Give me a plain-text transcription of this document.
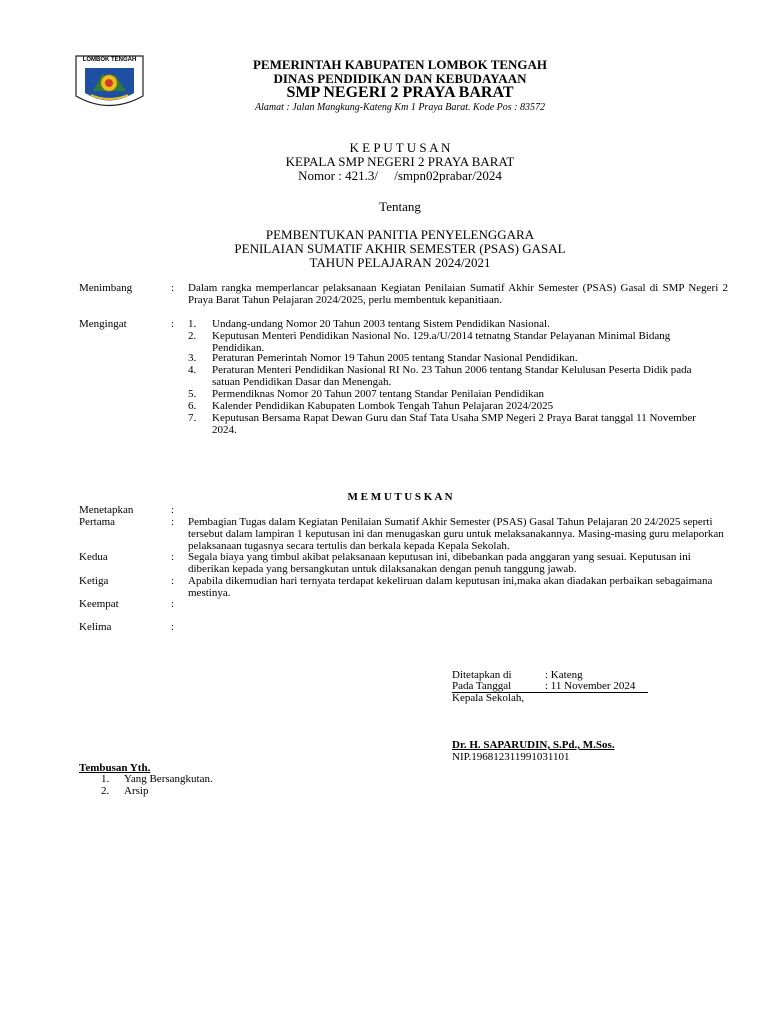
LOMBOK TENGAH	PEMERINTAH KABUPATEN LOMBOK TENGAH
DINAS PENDIDIKAN DAN KEBUDAYAAN
SMP NEGERI 2 PRAYA BARAT
Alamat : Jalan Mangkung-Kateng Km 1 Praya Barat. Kode Pos : 83572
K E P U T U S A N
KEPALA SMP NEGERI 2 PRAYA BARAT
Nomor : 421.3/     /smpn02prabar/2024
Tentang
PEMBENTUKAN PANITIA PENYELENGGARA
PENILAIAN SUMATIF AKHIR SEMESTER (PSAS) GASAL
TAHUN PELAJARAN 2024/2021
Menimbang	: Dalam rangka memperlancar pelaksanaan Kegiatan Penilaian Sumatif Akhir Semester (PSAS) Gasal di SMP Negeri 2 Praya Barat Tahun Pelajaran 2024/2025, perlu membentuk kepanitiaan.
Mengingat	: 1. Undang-undang Nomor 20 Tahun 2003 tentang Sistem Pendidikan Nasional.
2. Keputusan Menteri Pendidikan Nasional No. 129.a/U/2014 tetnatng Standar Pelayanan Minimal Bidang Pendidikan.
3. Peraturan Pemerintah Nomor 19 Tahun 2005 tentang Standar Nasional Pendidikan.
4. Peraturan Menteri Pendidikan Nasional RI No. 23 Tahun 2006 tentang Standar Kelulusan Peserta Didik pada satuan Pendidikan Dasar dan Menengah.
5. Permendiknas Nomor 20 Tahun 2007 tentang Standar Penilaian Pendidikan
6. Kalender Pendidikan Kabupaten Lombok Tengah Tahun Pelajaran 2024/2025
7. Keputusan Bersama Rapat Dewan Guru dan Staf Tata Usaha SMP Negeri 2 Praya Barat tanggal 11 November 2024.
M E M U T U S K A N
Menetapkan	:
Pertama	: Pembagian Tugas dalam Kegiatan Penilaian Sumatif Akhir Semester (PSAS) Gasal Tahun Pelajaran 20 24/2025 seperti tersebut dalam lampiran 1 keputusan ini dan menugaskan guru untuk melaksanakannya. Masing-masing guru melaporkan pelaksanaan tugasnya secara tertulis dan berkala kepada Kepala Sekolah.
Kedua	: Segala biaya yang timbul akibat pelaksanaan keputusan ini, dibebankan pada anggaran yang sesuai. Keputusan ini diberikan kepada yang bersangkutan untuk dilaksanakan dengan penuh tanggung jawab.
Ketiga	: Apabila dikemudian hari ternyata terdapat kekeliruan dalam keputusan ini,maka akan diadakan perbaikan sebagaimana mestinya.
Keempat	:
Kelima	:
Ditetapkan di	: Kateng
Pada Tanggal	: 11 November 2024
Kepala Sekolah,
Dr. H. SAPARUDIN, S.Pd., M.Sos.
NIP.196812311991031101
Tembusan Yth.
1. Yang Bersangkutan.
2. Arsip
